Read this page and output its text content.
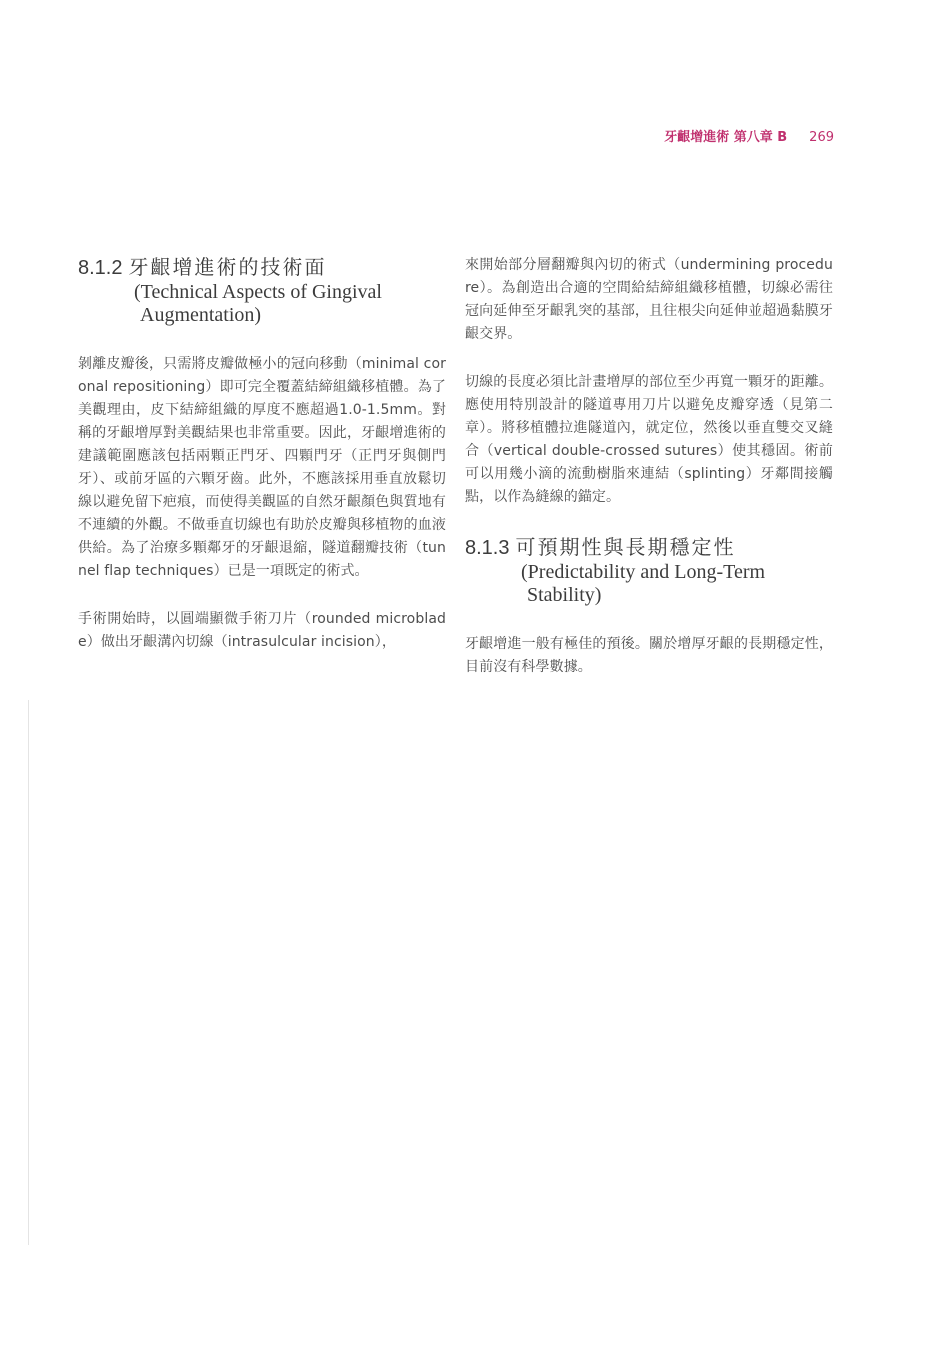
牙齦增進術 第八章 B 269
8.1.2 牙齦增進術的技術面
(Technical Aspects of Gingival
Augmentation)

剝離皮瓣後，只需將皮瓣做極小的冠向移動（minimal coronal repositioning）即可完全覆蓋結締組織移植體。為了美觀理由，皮下結締組織的厚度不應超過1.0-1.5mm。對稱的牙齦增厚對美觀結果也非常重要。因此，牙齦增進術的建議範圍應該包括兩顆正門牙、四顆門牙（正門牙與側門牙）、或前牙區的六顆牙齒。此外，不應該採用垂直放鬆切線以避免留下疤痕，而使得美觀區的自然牙齦顏色與質地有不連續的外觀。不做垂直切線也有助於皮瓣與移植物的血液供給。為了治療多顆鄰牙的牙齦退縮，隧道翻瓣技術（tunnel flap techniques）已是一項既定的術式。

手術開始時，以圓端顯微手術刀片（rounded microblade）做出牙齦溝內切線（intrasulcular incision），

來開始部分層翻瓣與內切的術式（undermining procedure）。為創造出合適的空間給結締組織移植體，切線必需往冠向延伸至牙齦乳突的基部，且往根尖向延伸並超過黏膜牙齦交界。

切線的長度必須比計畫增厚的部位至少再寬一顆牙的距離。應使用特別設計的隧道專用刀片以避免皮瓣穿透（見第二章）。將移植體拉進隧道內，就定位，然後以垂直雙交叉縫合（vertical double-crossed sutures）使其穩固。術前可以用幾小滴的流動樹脂來連結（splinting）牙鄰間接觸點，以作為縫線的錨定。

8.1.3 可預期性與長期穩定性
(Predictability and Long-Term
Stability)

牙齦增進一般有極佳的預後。關於增厚牙齦的長期穩定性，目前沒有科學數據。
